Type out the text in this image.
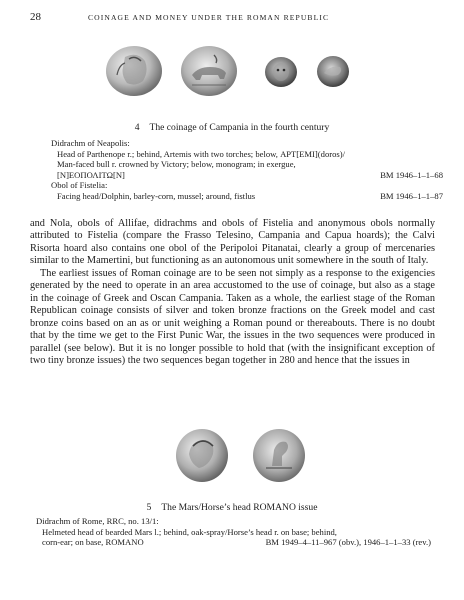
28	COINAGE AND MONEY UNDER THE ROMAN REPUBLIC
4 The coinage of Campania in the fourth century
Didrachm of Neapolis:
Head of Parthenope r.; behind, Artemis with two torches; below, ΑΡΤ[ΕΜΙ](doros)/
Man-faced bull r. crowned by Victory; below, monogram; in exergue,
[Ν]ΕΟΠΟΛΙΤΩ[Ν]	BM 1946–1–1–68
Obol of Fistelia:
Facing head/Dolphin, barley-corn, mussel; around, fistlus	BM 1946–1–1–87

and Nola, obols of Allifae, didrachms and obols of Fistelia and anonymous obols normally attributed to Fistelia (compare the Frasso Telesino, Campania and Capua hoards); the Calvi Risorta hoard also contains one obol of the Peripoloi Pitanatai, clearly a group of mercenaries similar to the Mamertini, but functioning as an autonomous unit somewhere in the south of Italy.

The earliest issues of Roman coinage are to be seen not simply as a response to the exigencies generated by the need to operate in an area accustomed to the use of coinage, but also as a stage in the coinage of Greek and Oscan Campania. Taken as a whole, the earliest stage of the Roman Republican coinage consists of silver and token bronze fractions on the Greek model and cast bronze coins based on an as or unit weighing a Roman pound or thereabouts. There is no doubt that by the time we get to the First Punic War, the issues in the two sequences were produced in parallel (see below). But it is no longer possible to hold that (with the insignificant exception of two tiny bronze issues) the two sequences began together in 280 and hence that the issues in

5 The Mars/Horse’s head ROMANO issue
Didrachm of Rome, RRC, no. 13/1:
Helmeted head of bearded Mars l.; behind, oak-spray/Horse’s head r. on base; behind,
corn-ear; on base, ROMANO	BM 1949–4–11–967 (obv.), 1946–1–1–33 (rev.)
